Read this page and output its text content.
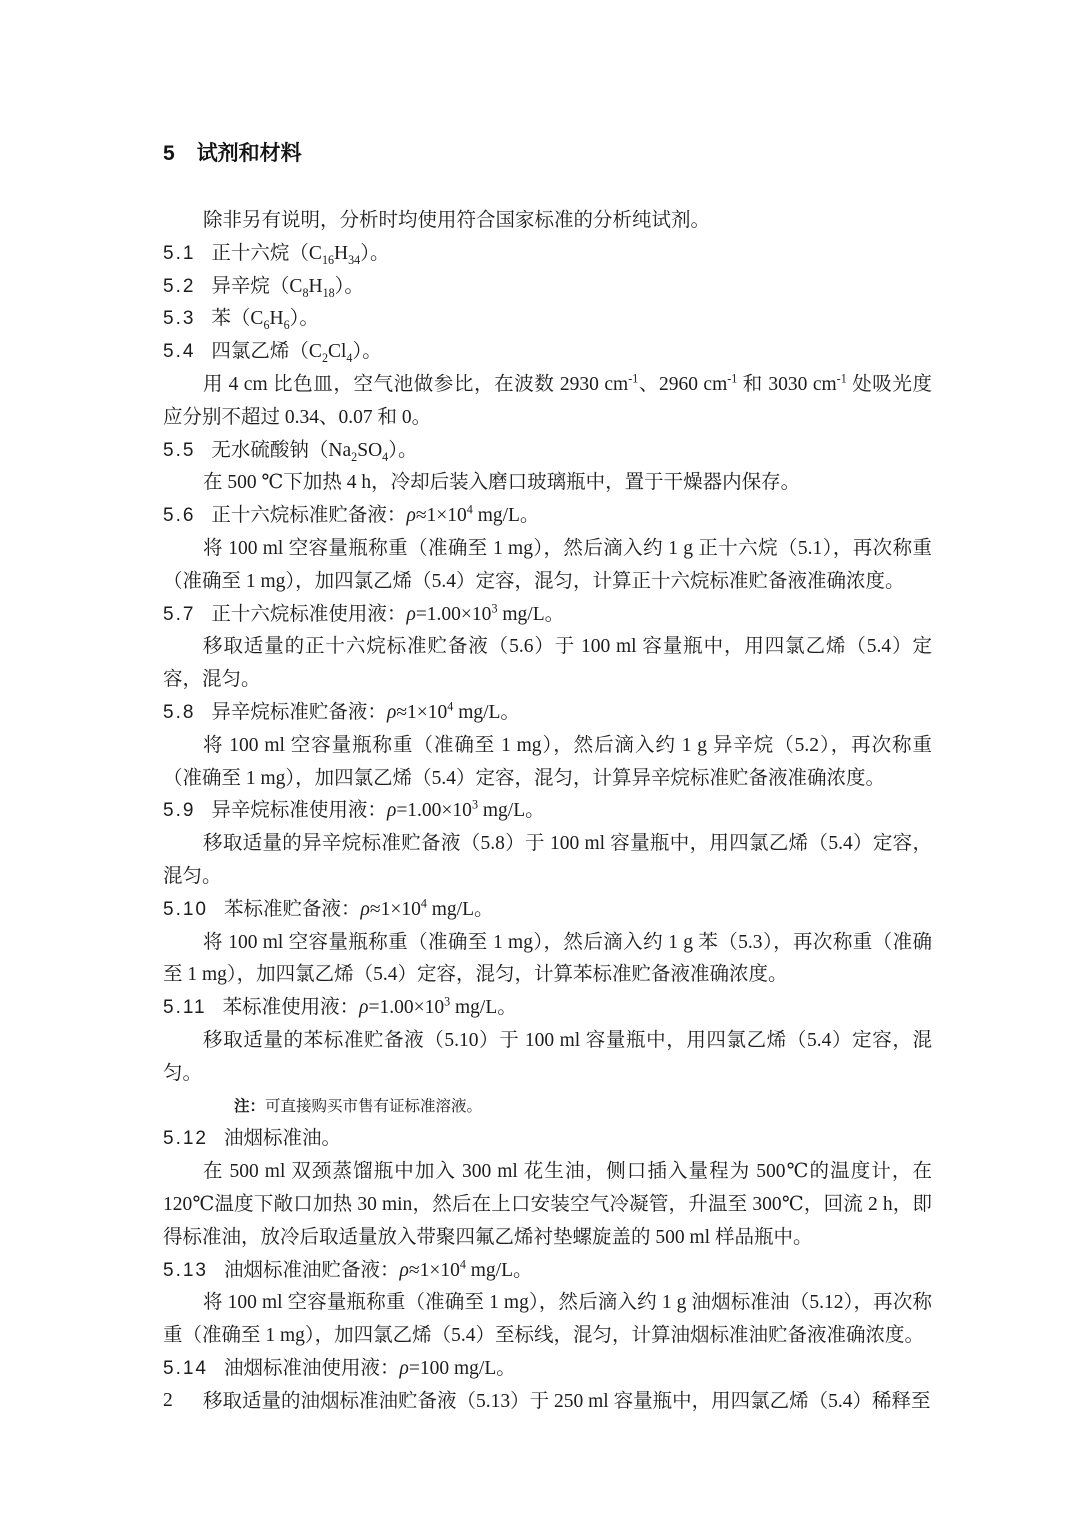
5 试剂和材料
除非另有说明，分析时均使用符合国家标准的分析纯试剂。
5.1 正十六烷$(C_{16}H_{34})$。
5.2 异辛烷$(C_8H_{18})$。
5.3 苯$(C_6H_6)$。
5.4 四氯乙烯$(C_2Cl_4)$。
用 4 cm 比色皿，空气池做参比，在波数 2930 $cm^{-1}$、2960 $cm^{-1}$ 和 3030 $cm^{-1}$ 处吸光度应分别不超过 0.34、0.07 和 0。
5.5 无水硫酸钠$(Na_2SO_4)$。
在 500 ℃下加热 4 h，冷却后装入磨口玻璃瓶中，置于干燥器内保存。
5.6 正十六烷标准贮备液：$\rho\approx 1\times 10^4$ mg/L。
将 100 ml 空容量瓶称重（准确至 1 mg），然后滴入约 1 g 正十六烷（5.1），再次称重（准确至 1 mg），加四氯乙烯（5.4）定容，混匀，计算正十六烷标准贮备液准确浓度。
5.7 正十六烷标准使用液：$\rho=1.00\times 10^3$ mg/L。
移取适量的正十六烷标准贮备液（5.6）于 100 ml 容量瓶中，用四氯乙烯（5.4）定容，混匀。
5.8 异辛烷标准贮备液：$\rho\approx 1\times 10^4$ mg/L。
将 100 ml 空容量瓶称重（准确至 1 mg），然后滴入约 1 g 异辛烷（5.2），再次称重（准确至 1 mg），加四氯乙烯（5.4）定容，混匀，计算异辛烷标准贮备液准确浓度。
5.9 异辛烷标准使用液：$\rho=1.00\times 10^3$ mg/L。
移取适量的异辛烷标准贮备液（5.8）于 100 ml 容量瓶中，用四氯乙烯（5.4）定容，混匀。
5.10 苯标准贮备液：$\rho\approx 1\times 10^4$ mg/L。
将 100 ml 空容量瓶称重（准确至 1 mg），然后滴入约 1 g 苯（5.3），再次称重（准确至 1 mg），加四氯乙烯（5.4）定容，混匀，计算苯标准贮备液准确浓度。
5.11 苯标准使用液：$\rho=1.00\times 10^3$ mg/L。
移取适量的苯标准贮备液（5.10）于 100 ml 容量瓶中，用四氯乙烯（5.4）定容，混匀。
注：可直接购买市售有证标准溶液。
5.12 油烟标准油。
在 500 ml 双颈蒸馏瓶中加入 300 ml 花生油，侧口插入量程为 500℃的温度计，在 120℃温度下敞口加热 30 min，然后在上口安装空气冷凝管，升温至 300℃，回流 2 h，即得标准油，放冷后取适量放入带聚四氟乙烯衬垫螺旋盖的 500 ml 样品瓶中。
5.13 油烟标准油贮备液：$\rho\approx 1\times 10^4$ mg/L。
将 100 ml 空容量瓶称重（准确至 1 mg），然后滴入约 1 g 油烟标准油（5.12），再次称重（准确至 1 mg），加四氯乙烯（5.4）至标线，混匀，计算油烟标准油贮备液准确浓度。
5.14 油烟标准油使用液：ρ=100 mg/L。
移取适量的油烟标准油贮备液（5.13）于 250 ml 容量瓶中，用四氯乙烯（5.4）稀释至
2
